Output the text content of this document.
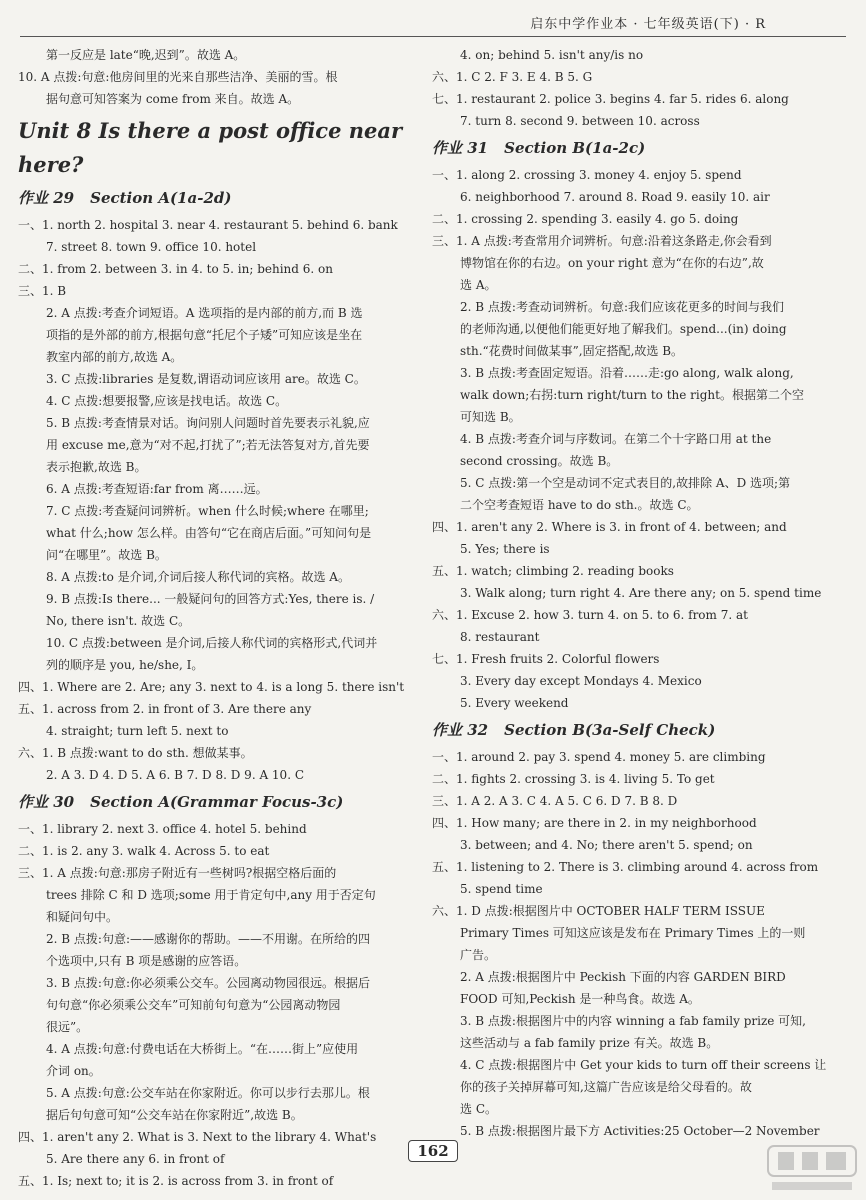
启东中学作业本 · 七年级英语(下) · R
第一反应是 late“晚,迟到”。故选 A。
10. A 点拨:句意:他房间里的光来自那些洁净、美丽的雪。根
据句意可知答案为 come from 来自。故选 A。
Unit 8 Is there a post office near here?
作业 29 Section A(1a-2d)
一、1. north 2. hospital 3. near 4. restaurant 5. behind 6. bank
7. street 8. town 9. office 10. hotel
二、1. from 2. between 3. in 4. to 5. in; behind 6. on
三、1. B
2. A 点拨:考查介词短语。A 选项指的是内部的前方,而 B 选
项指的是外部的前方,根据句意“托尼个子矮”可知应该是坐在
教室内部的前方,故选 A。
3. C 点拨:libraries 是复数,谓语动词应该用 are。故选 C。
4. C 点拨:想要报警,应该是找电话。故选 C。
5. B 点拨:考查情景对话。询问别人问题时首先要表示礼貌,应
用 excuse me,意为“对不起,打扰了”;若无法答复对方,首先要
表示抱歉,故选 B。
6. A 点拨:考查短语:far from 离……远。
7. C 点拨:考查疑问词辨析。when 什么时候;where 在哪里;
what 什么;how 怎么样。由答句“它在商店后面。”可知问句是
问“在哪里”。故选 B。
8. A 点拨:to 是介词,介词后接人称代词的宾格。故选 A。
9. B 点拨:Is there... 一般疑问句的回答方式:Yes, there is. /
No, there isn't. 故选 C。
10. C 点拨:between 是介词,后接人称代词的宾格形式,代词并
列的顺序是 you, he/she, I。
四、1. Where are 2. Are; any 3. next to 4. is a long 5. there isn't
五、1. across from 2. in front of 3. Are there any
4. straight; turn left 5. next to
六、1. B 点拨:want to do sth. 想做某事。
2. A 3. D 4. D 5. A 6. B 7. D 8. D 9. A 10. C
作业 30 Section A(Grammar Focus-3c)
一、1. library 2. next 3. office 4. hotel 5. behind
二、1. is 2. any 3. walk 4. Across 5. to eat
三、1. A 点拨:句意:那房子附近有一些树吗?根据空格后面的
trees 排除 C 和 D 选项;some 用于肯定句中,any 用于否定句
和疑问句中。
2. B 点拨:句意:——感谢你的帮助。——不用谢。在所给的四
个选项中,只有 B 项是感谢的应答语。
3. B 点拨:句意:你必须乘公交车。公园离动物园很远。根据后
句句意“你必须乘公交车”可知前句句意为“公园离动物园
很远”。
4. A 点拨:句意:付费电话在大桥街上。“在……街上”应使用
介词 on。
5. A 点拨:句意:公交车站在你家附近。你可以步行去那儿。根
据后句句意可知“公交车站在你家附近”,故选 B。
四、1. aren't any 2. What is 3. Next to the library 4. What's
5. Are there any 6. in front of
五、1. Is; next to; it is 2. is across from 3. in front of
4. on; behind 5. isn't any/is no
六、1. C 2. F 3. E 4. B 5. G
七、1. restaurant 2. police 3. begins 4. far 5. rides 6. along
7. turn 8. second 9. between 10. across
作业 31 Section B(1a-2c)
一、1. along 2. crossing 3. money 4. enjoy 5. spend
6. neighborhood 7. around 8. Road 9. easily 10. air
二、1. crossing 2. spending 3. easily 4. go 5. doing
三、1. A 点拨:考查常用介词辨析。句意:沿着这条路走,你会看到
博物馆在你的右边。on your right 意为“在你的右边”,故
选 A。
2. B 点拨:考查动词辨析。句意:我们应该花更多的时间与我们
的老师沟通,以便他们能更好地了解我们。spend...(in) doing
sth.“花费时间做某事”,固定搭配,故选 B。
3. B 点拨:考查固定短语。沿着……走:go along, walk along,
walk down;右拐:turn right/turn to the right。根据第二个空
可知选 B。
4. B 点拨:考查介词与序数词。在第二个十字路口用 at the
second crossing。故选 B。
5. C 点拨:第一个空是动词不定式表目的,故排除 A、D 选项;第
二个空考查短语 have to do sth.。故选 C。
四、1. aren't any 2. Where is 3. in front of 4. between; and
5. Yes; there is
五、1. watch; climbing 2. reading books
3. Walk along; turn right 4. Are there any; on 5. spend time
六、1. Excuse 2. how 3. turn 4. on 5. to 6. from 7. at
8. restaurant
七、1. Fresh fruits 2. Colorful flowers
3. Every day except Mondays 4. Mexico
5. Every weekend
作业 32 Section B(3a-Self Check)
一、1. around 2. pay 3. spend 4. money 5. are climbing
二、1. fights 2. crossing 3. is 4. living 5. To get
三、1. A 2. A 3. C 4. A 5. C 6. D 7. B 8. D
四、1. How many; are there in 2. in my neighborhood
3. between; and 4. No; there aren't 5. spend; on
五、1. listening to 2. There is 3. climbing around 4. across from
5. spend time
六、1. D 点拨:根据图片中 OCTOBER HALF TERM ISSUE
Primary Times 可知这应该是发布在 Primary Times 上的一则
广告。
2. A 点拨:根据图片中 Peckish 下面的内容 GARDEN BIRD
FOOD 可知,Peckish 是一种鸟食。故选 A。
3. B 点拨:根据图片中的内容 winning a fab family prize 可知,
这些活动与 a fab family prize 有关。故选 B。
4. C 点拨:根据图片中 Get your kids to turn off their screens 让
你的孩子关掉屏幕可知,这篇广告应该是给父母看的。故
选 C。
5. B 点拨:根据图片最下方 Activities:25 October—2 November
162
